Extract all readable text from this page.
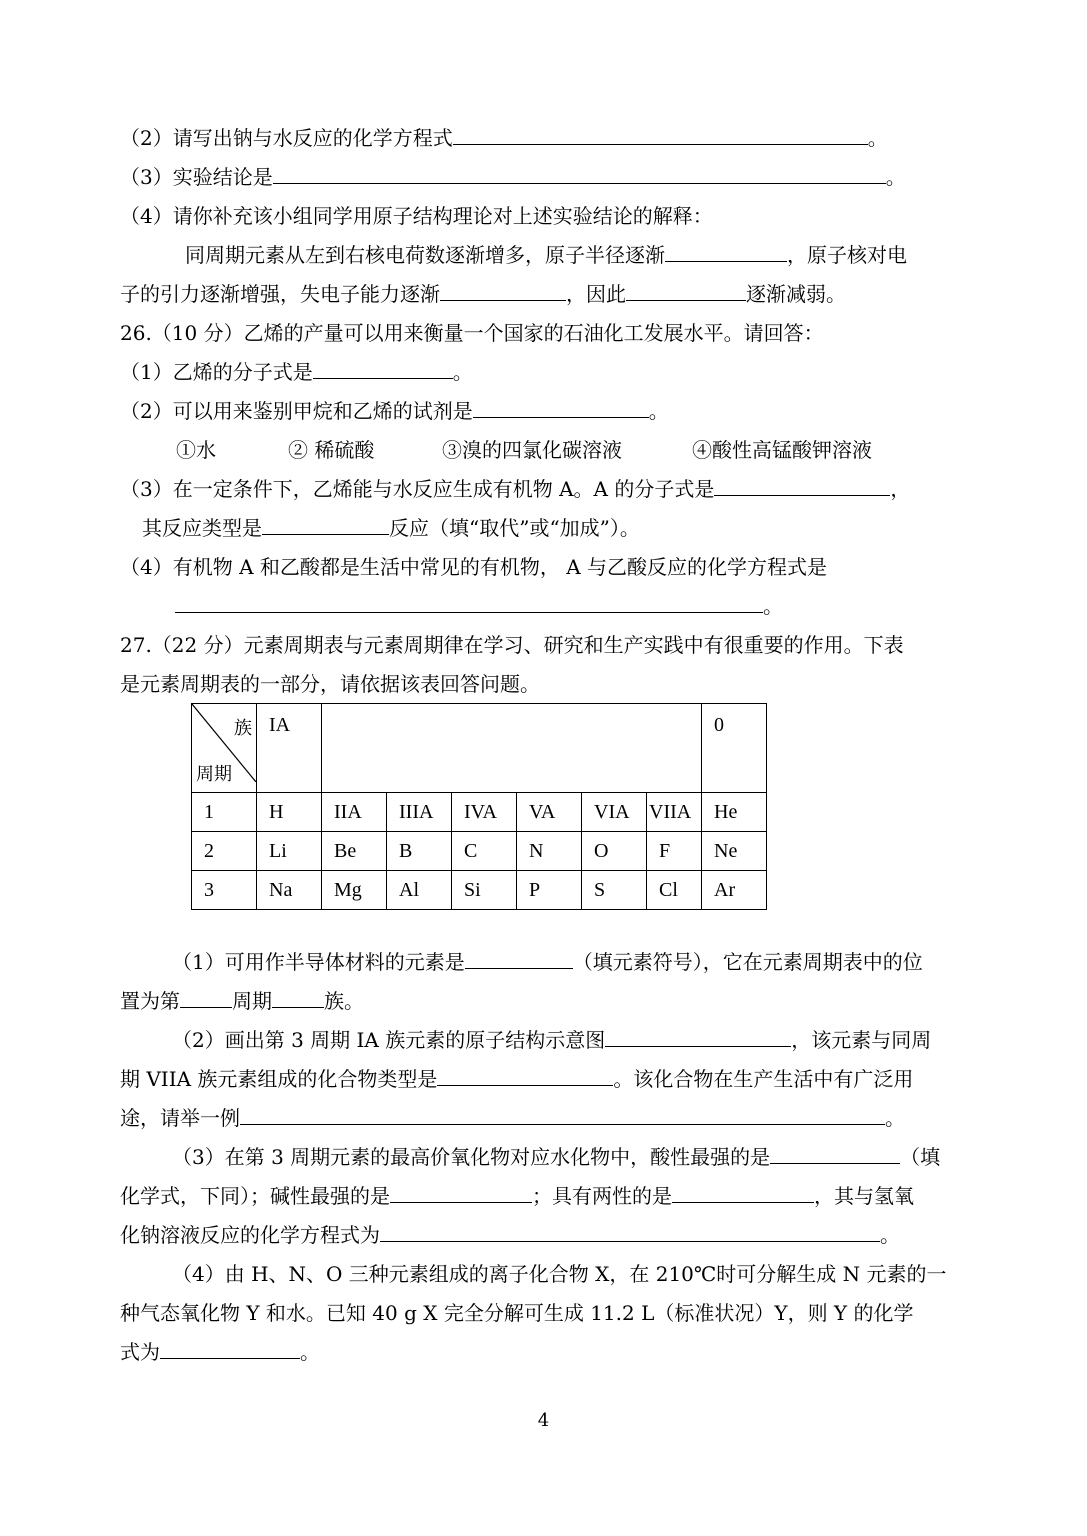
（2）请写出钠与水反应的化学方程式	。
（3）实验结论是	。
（4）请你补充该小组同学用原子结构理论对上述实验结论的解释：
同周期元素从左到右核电荷数逐渐增多，原子半径逐渐	，原子核对电
子的引力逐渐增强，失电子能力逐渐	，因此	逐渐减弱。
26.（10 分）乙烯的产量可以用来衡量一个国家的石油化工发展水平。请回答：
（1）乙烯的分子式是	。
（2）可以用来鉴别甲烷和乙烯的试剂是	。
①水	② 稀硫酸	③溴的四氯化碳溶液	④酸性高锰酸钾溶液
（3）在一定条件下，乙烯能与水反应生成有机物 A。A 的分子式是	，
其反应类型是	反应（填“取代”或“加成”）。
（4）有机物 A 和乙酸都是生活中常见的有机物， A 与乙酸反应的化学方程式是
。
27.（22 分）元素周期表与元素周期律在学习、研究和生产实践中有很重要的作用。下表
是元素周期表的一部分，请依据该表回答问题。
族
周期	IA							0
1	H	IIA	IIIA	IVA	VA	VIA	VIIA	He
2	Li	Be	B	C	N	O	F	Ne
3	Na	Mg	Al	Si	P	S	Cl	Ar
（1）可用作半导体材料的元素是	（填元素符号），它在元素周期表中的位
置为第	周期	族。
（2）画出第 3 周期 IA 族元素的原子结构示意图	，该元素与同周
期 VIIA 族元素组成的化合物类型是	。该化合物在生产生活中有广泛用
途，请举一例	。
（3）在第 3 周期元素的最高价氧化物对应水化物中，酸性最强的是	（填
化学式，下同）；碱性最强的是	；具有两性的是	，其与氢氧
化钠溶液反应的化学方程式为	。
（4）由 H、N、O 三种元素组成的离子化合物 X，在 210℃时可分解生成 N 元素的一
种气态氧化物 Y 和水。已知 40 g X 完全分解可生成 11.2 L（标准状况）Y，则 Y 的化学
式为	。
4
